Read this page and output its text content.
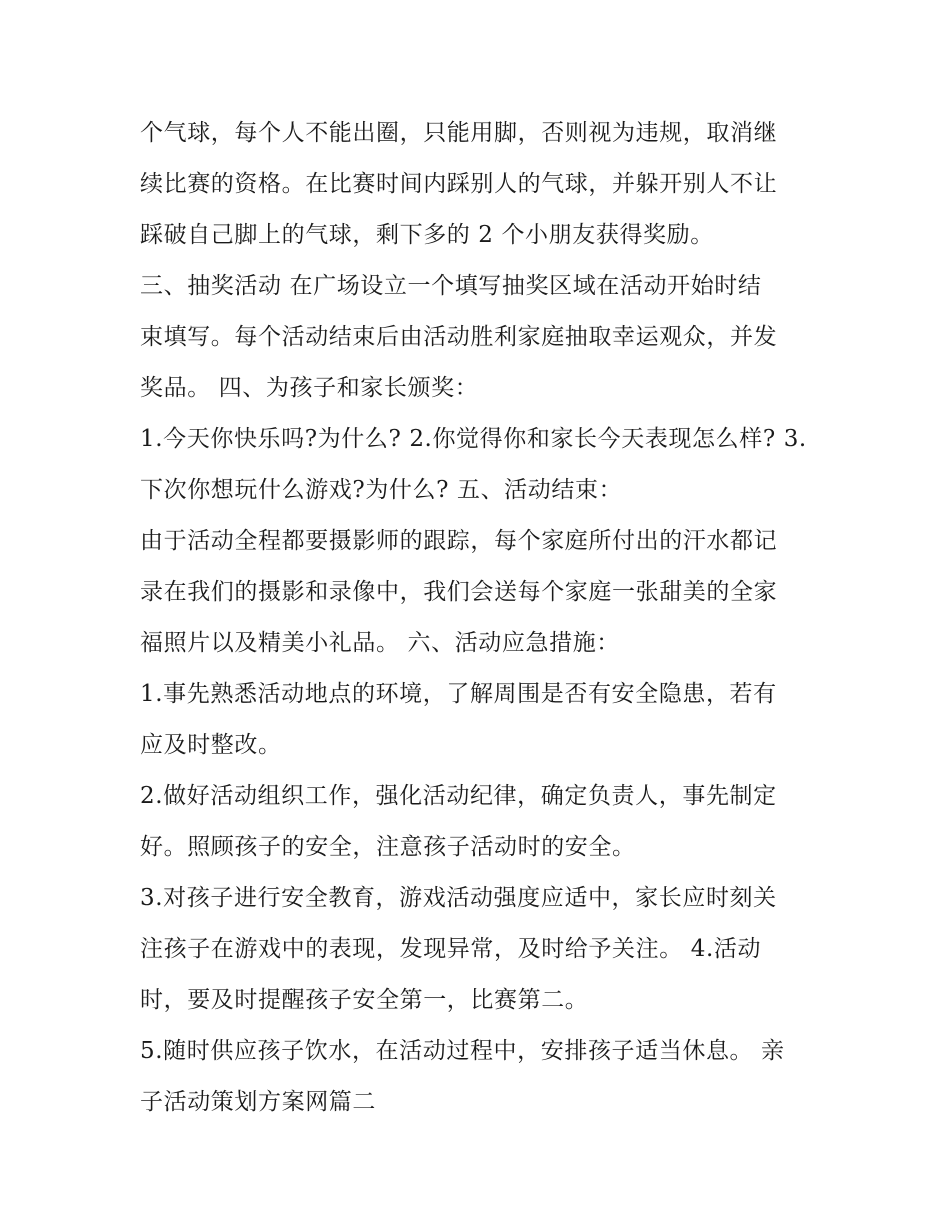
个气球，每个人不能出圈，只能用脚，否则视为违规，取消继
续比赛的资格。在比赛时间内踩别人的气球，并躲开别人不让
踩破自己脚上的气球，剩下多的 2 个小朋友获得奖励。
三、抽奖活动 在广场设立一个填写抽奖区域在活动开始时结
束填写。每个活动结束后由活动胜利家庭抽取幸运观众，并发
奖品。 四、为孩子和家长颁奖：
1.今天你快乐吗?为什么? 2.你觉得你和家长今天表现怎么样? 3.
下次你想玩什么游戏?为什么? 五、活动结束：
由于活动全程都要摄影师的跟踪，每个家庭所付出的汗水都记
录在我们的摄影和录像中，我们会送每个家庭一张甜美的全家
福照片以及精美小礼品。 六、活动应急措施：
1.事先熟悉活动地点的环境，了解周围是否有安全隐患，若有
应及时整改。
2.做好活动组织工作，强化活动纪律，确定负责人，事先制定
好。照顾孩子的安全，注意孩子活动时的安全。
3.对孩子进行安全教育，游戏活动强度应适中，家长应时刻关
注孩子在游戏中的表现，发现异常，及时给予关注。 4.活动
时，要及时提醒孩子安全第一，比赛第二。
5.随时供应孩子饮水，在活动过程中，安排孩子适当休息。 亲
子活动策划方案网篇二
